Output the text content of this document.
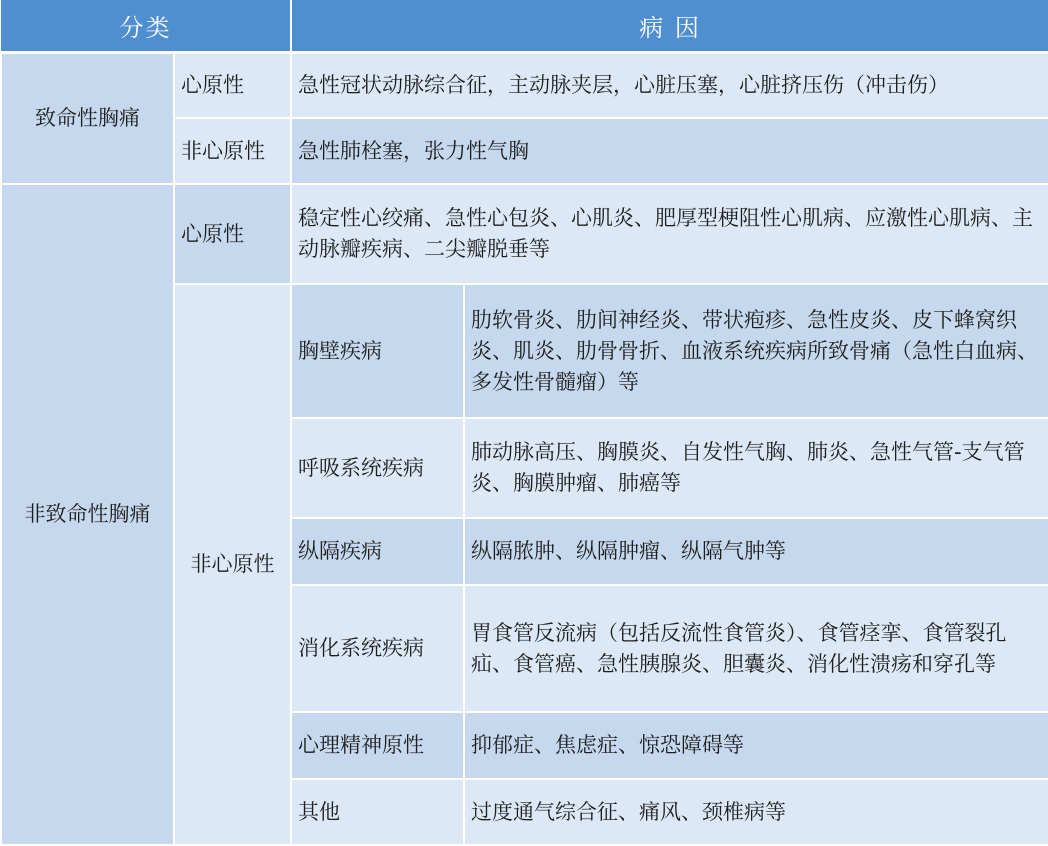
分类		病 因	
致命性胸痛	心原性	急性冠状动脉综合征，主动脉夹层，心脏压塞，心脏挤压伤（冲击伤）	
	非心原性	急性肺栓塞，张力性气胸	
非致命性胸痛	心原性	稳定性心绞痛、急性心包炎、心肌炎、肥厚型梗阻性心肌病、应激性心肌病、主动脉瓣疾病、二尖瓣脱垂等	
	非心原性	胸壁疾病	肋软骨炎、肋间神经炎、带状疱疹、急性皮炎、皮下蜂窝织炎、肌炎、肋骨骨折、血液系统疾病所致骨痛（急性白血病、多发性骨髓瘤）等
		呼吸系统疾病	肺动脉高压、胸膜炎、自发性气胸、肺炎、急性气管-支气管炎、胸膜肿瘤、肺癌等
		纵隔疾病	纵隔脓肿、纵隔肿瘤、纵隔气肿等
		消化系统疾病	胃食管反流病（包括反流性食管炎）、食管痉挛、食管裂孔疝、食管癌、急性胰腺炎、胆囊炎、消化性溃疡和穿孔等
		心理精神原性	抑郁症、焦虑症、惊恐障碍等
		其他	过度通气综合征、痛风、颈椎病等
